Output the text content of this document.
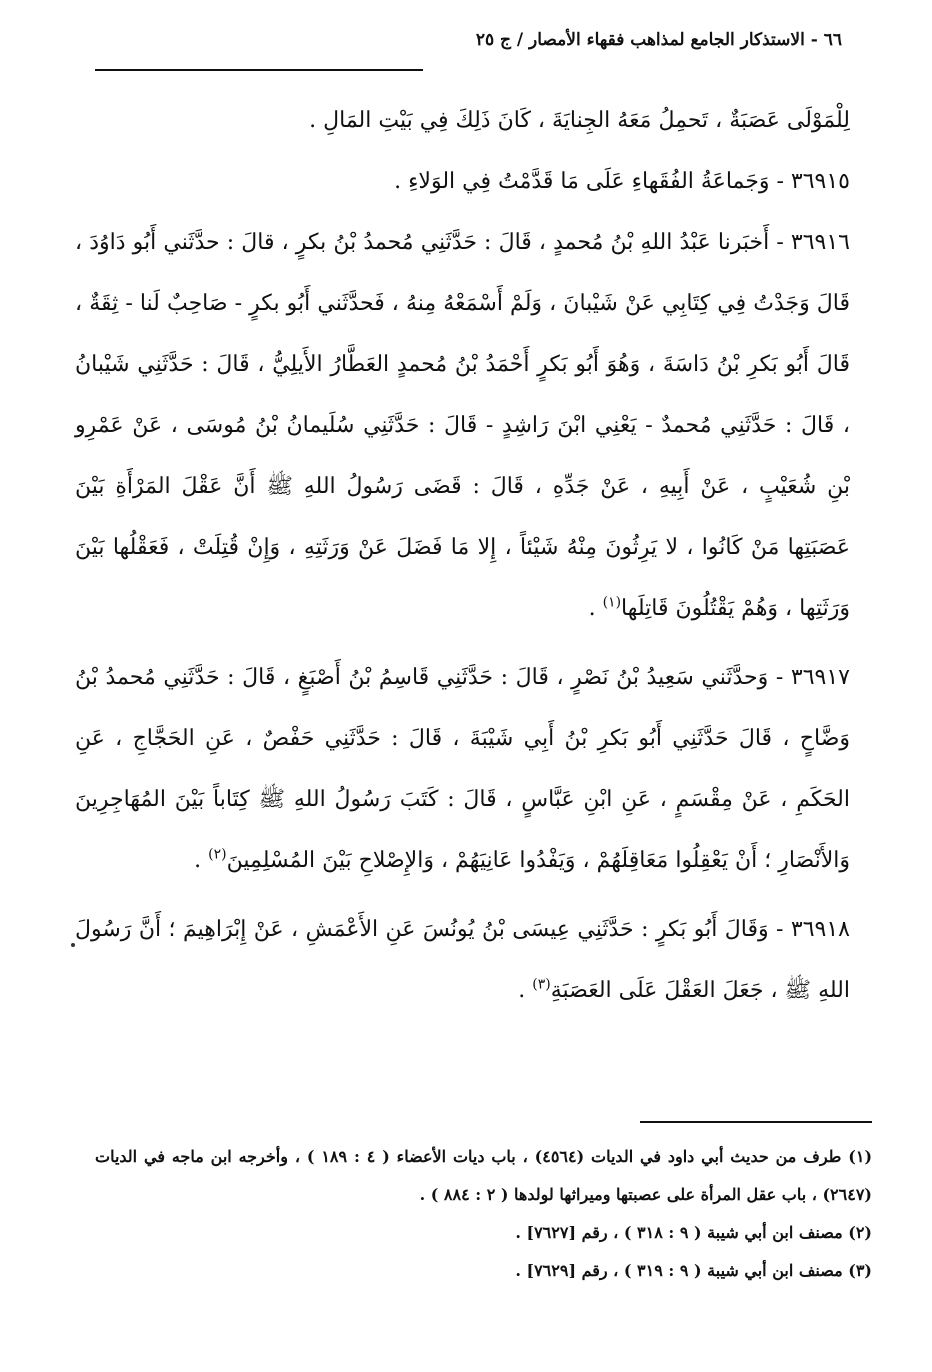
٦٦ - الاستذكار الجامع لمذاهب فقهاء الأمصار / ج ٢٥

لِلْمَوْلَى عَصَبَةٌ ، تَحمِلُ مَعَهُ الجِنايَةَ ، كَانَ ذَلِكَ فِي بَيْتِ المَالِ .

٣٦٩١٥ - وَجَماعَةُ الفُقَهاءِ عَلَى مَا قَدَّمْتُ فِي الوَلاءِ .

٣٦٩١٦ - أَخبَرنا عَبْدُ اللهِ بْنُ مُحمدٍ ، قَالَ : حَدَّثَنِي مُحمدُ بْنُ بكرٍ ، قالَ : حدَّثَني أَبُو دَاوُدَ ، قَالَ وَجَدْتُ فِي كِتَابِي عَنْ شَيْبانَ ، وَلَمْ أَسْمَعْهُ مِنهُ ، فَحدَّثَني أَبُو بكرٍ - صَاحِبٌ لَنا - ثِقَةٌ ، قَالَ أَبُو بَكرِ بْنُ دَاسَةَ ، وَهُوَ أَبُو بَكرٍ أَحْمَدُ بْنُ مُحمدٍ العَطَّارُ الأَيلِيُّ ، قَالَ : حَدَّثَنِي شَيْبانُ ، قَالَ : حَدَّثَنِي مُحمدٌ - يَعْنِي ابْنَ رَاشِدٍ - قَالَ : حَدَّثَنِي سُلَيمانُ بْنُ مُوسَى ، عَنْ عَمْرِو بْنِ شُعَيْبٍ ، عَنْ أَبِيهِ ، عَنْ جَدِّهِ ، قَالَ : قَضَى رَسُولُ اللهِ ﷺ أَنَّ عَقْلَ المَرْأَةِ بَيْنَ عَصَبَتِها مَنْ كَانُوا ، لا يَرِثُونَ مِنْهُ شَيْئاً ، إِلا مَا فَضَلَ عَنْ وَرَثَتِهِ ، وَإِنْ قُتِلَتْ ، فَعَقْلُها بَيْنَ وَرَثَتِها ، وَهُمْ يَقْتُلُونَ قَاتِلَها$^{(١)}$ .

٣٦٩١٧ - وَحدَّثَني سَعِيدُ بْنُ نَصْرٍ ، قَالَ : حَدَّثَنِي قَاسِمُ بْنُ أَصْبَغٍ ، قَالَ : حَدَّثَنِي مُحمدُ بْنُ وَضَّاحٍ ، قَالَ حَدَّثَنِي أَبُو بَكرِ بْنُ أَبِي شَيْبَةَ ، قَالَ : حَدَّثَنِي حَفْصٌ ، عَنِ الحَجَّاجِ ، عَنِ الحَكَمِ ، عَنْ مِقْسَمٍ ، عَنِ ابْنِ عَبَّاسٍ ، قَالَ : كَتَبَ رَسُولُ اللهِ ﷺ كِتَاباً بَيْنَ المُهَاجِرِينَ وَالأَنْصَارِ ؛ أَنْ يَعْقِلُوا مَعَاقِلَهُمْ ، وَيَفْدُوا عَانِيَهُمْ ، وَالإِصْلاحِ بَيْنَ المُسْلِمِينَ$^{(٢)}$ .

٣٦٩١٨ - وَقَالَ أَبُو بَكرٍ : حَدَّثَنِي عِيسَى بْنُ يُونُسَ عَنِ الأَعْمَشِ ، عَنْ إِبْرَاهِيمَ ؛ أَنَّ رَسُولَ اللهِ ﷺ ، جَعَلَ العَقْلَ عَلَى العَصَبَةِ$^{(٣)}$ .

(١) طرف من حديث أبي داود في الديات (٤٥٦٤) ، باب ديات الأعضاء ( ٤ : ١٨٩ ) ، وأخرجه ابن ماجه في الديات (٢٦٤٧) ، باب عقل المرأة على عصبتها وميراثها لولدها ( ٢ : ٨٨٤ ) .

(٢) مصنف ابن أبي شيبة ( ٩ : ٣١٨ ) ، رقم [٧٦٢٧] .

(٣) مصنف ابن أبي شيبة ( ٩ : ٣١٩ ) ، رقم [٧٦٢٩] .
